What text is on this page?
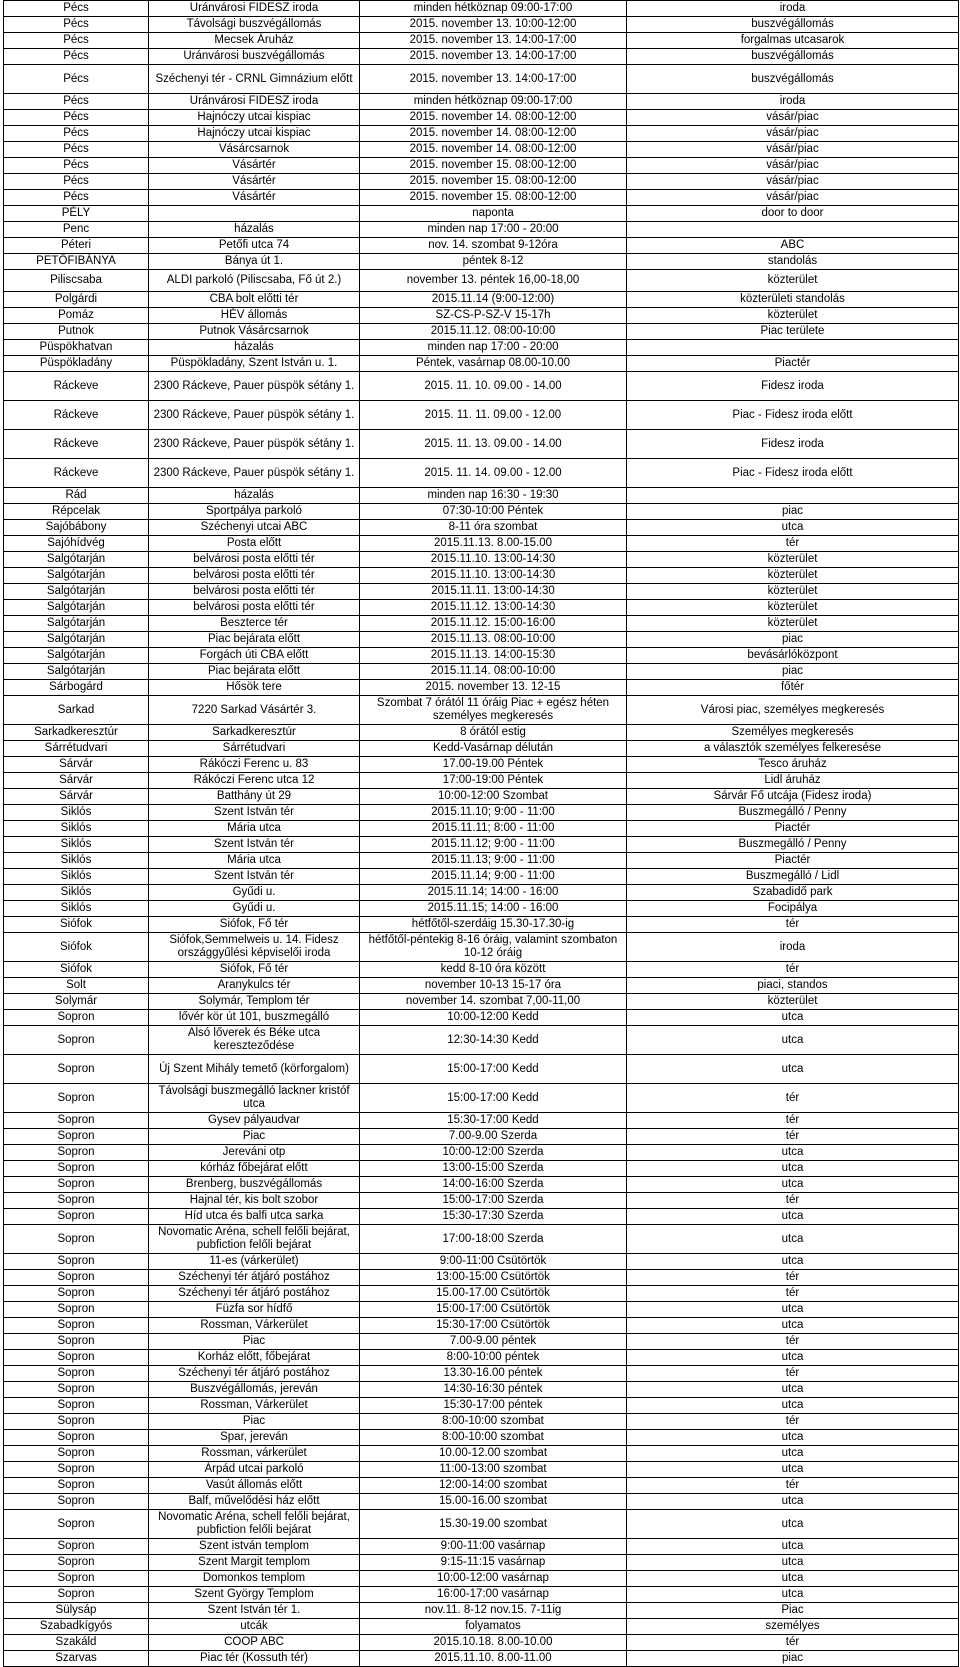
Pécs	Uránvárosi FIDESZ iroda	minden hétköznap 09:00-17:00	iroda
Pécs	Távolsági buszvégállomás	2015. november 13. 10:00-12:00	buszvégállomás
Pécs	Mecsek Áruház	2015. november 13. 14:00-17:00	forgalmas utcasarok
Pécs	Uránvárosi buszvégállomás	2015. november 13. 14:00-17:00	buszvégállomás
Pécs	Széchenyi tér - CRNL Gimnázium előtt	2015. november 13. 14:00-17:00	buszvégállomás
Pécs	Uránvárosi FIDESZ iroda	minden hétköznap 09:00-17:00	iroda
Pécs	Hajnóczy utcai kispiac	2015. november 14. 08:00-12:00	vásár/piac
Pécs	Hajnóczy utcai kispiac	2015. november 14. 08:00-12:00	vásár/piac
Pécs	Vásárcsarnok	2015. november 14. 08:00-12:00	vásár/piac
Pécs	Vásártér	2015. november 15. 08:00-12:00	vásár/piac
Pécs	Vásártér	2015. november 15. 08:00-12:00	vásár/piac
Pécs	Vásártér	2015. november 15. 08:00-12:00	vásár/piac
PÉLY		naponta	door to door
Penc	házalás	minden nap 17:00 - 20:00	
Péteri	Petőfi utca 74	nov. 14. szombat 9-12óra	ABC
PETŐFIBÁNYA	Bánya út 1.	péntek 8-12	standolás
Piliscsaba	ALDI parkoló (Piliscsaba, Fő út 2.)	november 13. péntek 16,00-18,00	közterület
Polgárdi	CBA bolt előtti tér	2015.11.14 (9:00-12:00)	közterületi standolás
Pomáz	HÉV állomás	SZ-CS-P-SZ-V 15-17h	közterület
Putnok	Putnok Vásárcsarnok	2015.11.12. 08:00-10:00	Piac területe
Püspökhatvan	házalás	minden nap 17:00 - 20:00	
Püspökladány	Püspökladány, Szent István u. 1.	Péntek, vasárnap 08.00-10.00	Piactér
Ráckeve	2300 Ráckeve, Pauer püspök sétány 1.	2015. 11. 10. 09.00 - 14.00	Fidesz iroda
Ráckeve	2300 Ráckeve, Pauer püspök sétány 1.	2015. 11. 11. 09.00 - 12.00	Piac - Fidesz iroda előtt
Ráckeve	2300 Ráckeve, Pauer püspök sétány 1.	2015. 11. 13. 09.00 - 14.00	Fidesz iroda
Ráckeve	2300 Ráckeve, Pauer püspök sétány 1.	2015. 11. 14. 09.00 - 12.00	Piac - Fidesz iroda előtt
Rád	házalás	minden nap 16:30 - 19:30	
Répcelak	Sportpálya parkoló	07:30-10:00 Péntek	piac
Sajóbábony	Széchenyi utcai ABC	8-11 óra szombat	utca
Sajóhídvég	Posta előtt	2015.11.13. 8.00-15.00	tér
Salgótarján	belvárosi posta előtti tér	2015.11.10. 13:00-14:30	közterület
Salgótarján	belvárosi posta előtti tér	2015.11.10. 13:00-14:30	közterület
Salgótarján	belvárosi posta előtti tér	2015.11.11. 13:00-14:30	közterület
Salgótarján	belvárosi posta előtti tér	2015.11.12. 13:00-14:30	közterület
Salgótarján	Beszterce tér	2015.11.12. 15:00-16:00	közterület
Salgótarján	Piac bejárata előtt	2015.11.13. 08:00-10:00	piac
Salgótarján	Forgách úti CBA előtt	2015.11.13. 14:00-15:30	bevásárlóközpont
Salgótarján	Piac bejárata előtt	2015.11.14. 08:00-10:00	piac
Sárbogárd	Hősök tere	2015. november 13. 12-15	főtér
Sarkad	7220 Sarkad Vásártér 3.	Szombat 7 órától 11 óráig Piac + egész héten személyes megkeresés	Városi piac, személyes megkeresés
Sarkadkeresztúr	Sarkadkeresztúr	8 órától estig	Személyes megkeresés
Sárrétudvari	Sárrétudvari	Kedd-Vasárnap délután	a választók személyes felkeresése
Sárvár	Rákóczi Ferenc u. 83	17.00-19.00 Péntek	Tesco áruház
Sárvár	Rákóczi Ferenc utca 12	17:00-19:00 Péntek	Lidl áruház
Sárvár	Batthány út 29	10:00-12:00 Szombat	Sárvár Fő utcája (Fidesz iroda)
Siklós	Szent István tér	2015.11.10; 9:00 - 11:00	Buszmegálló / Penny
Siklós	Mária utca	2015.11.11; 8:00 - 11:00	Piactér
Siklós	Szent István tér	2015.11.12; 9:00 - 11:00	Buszmegálló / Penny
Siklós	Mária utca	2015.11.13; 9:00 - 11:00	Piactér
Siklós	Szent István tér	2015.11.14; 9:00 - 11:00	Buszmegálló / Lidl
Siklós	Gyűdi u.	2015.11.14; 14:00 - 16:00	Szabadidő park
Siklós	Gyűdi u.	2015.11.15; 14:00 - 16:00	Focipálya
Siófok	Siófok, Fő tér	hétfőtől-szerdáig 15.30-17.30-ig	tér
Siófok	Siófok,Semmelweis u. 14. Fidesz országgyűlési képviselői iroda	hétfőtől-péntekig 8-16 óráig, valamint szombaton 10-12 óráig	iroda
Siófok	Siófok, Fő tér	kedd 8-10 óra között	tér
Solt	Aranykulcs tér	november 10-13 15-17 óra	piaci, standos
Solymár	Solymár, Templom tér	november 14. szombat 7,00-11,00	közterület
Sopron	lővér kör út 101, buszmegálló	10:00-12:00 Kedd	utca
Sopron	Alsó lőverek és Béke utca kereszteződése	12:30-14:30 Kedd	utca
Sopron	Új Szent Mihály temető (körforgalom)	15:00-17:00 Kedd	utca
Sopron	Távolsági buszmegálló lackner kristóf utca	15:00-17:00 Kedd	tér
Sopron	Gysev pályaudvar	15:30-17:00 Kedd	tér
Sopron	Piac	7.00-9.00 Szerda	tér
Sopron	Jereváni otp	10:00-12:00 Szerda	utca
Sopron	kórház főbejárat előtt	13:00-15:00 Szerda	utca
Sopron	Brenberg, buszvégállomás	14:00-16:00 Szerda	utca
Sopron	Hajnal tér, kis bolt szobor	15:00-17:00 Szerda	tér
Sopron	Híd utca és balfi utca sarka	15:30-17:30 Szerda	utca
Sopron	Novomatic Aréna, schell felőli bejárat, pubfiction felőli bejárat	17:00-18:00 Szerda	utca
Sopron	11-es (várkerület)	9:00-11:00 Csütörtök	utca
Sopron	Széchenyi tér átjáró postához	13:00-15:00 Csütörtök	tér
Sopron	Széchenyi tér átjáró postához	15.00-17.00 Csütörtök	tér
Sopron	Füzfa sor hídfő	15:00-17:00 Csütörtök	utca
Sopron	Rossman, Várkerület	15:30-17:00 Csütörtök	utca
Sopron	Piac	7.00-9.00 péntek	tér
Sopron	Korház előtt, főbejárat	8:00-10:00 péntek	utca
Sopron	Széchenyi tér átjáró postához	13.30-16.00 péntek	tér
Sopron	Buszvégállomás, jereván	14:30-16:30 péntek	utca
Sopron	Rossman, Várkerület	15:30-17:00 péntek	utca
Sopron	Piac	8:00-10:00 szombat	tér
Sopron	Spar, jereván	8:00-10:00 szombat	utca
Sopron	Rossman, várkerület	10.00-12.00 szombat	utca
Sopron	Árpád utcai parkoló	11:00-13:00 szombat	utca
Sopron	Vasút állomás előtt	12:00-14:00 szombat	tér
Sopron	Balf, művelődési ház előtt	15.00-16.00 szombat	utca
Sopron	Novomatic Aréna, schell felőli bejárat, pubfiction felőli bejárat	15.30-19.00 szombat	utca
Sopron	Szent istván templom	9:00-11:00 vasárnap	utca
Sopron	Szent Margit templom	9:15-11:15 vasárnap	utca
Sopron	Domonkos templom	10:00-12:00 vasárnap	utca
Sopron	Szent György Templom	16:00-17:00 vasárnap	utca
Sülysáp	Szent István tér 1.	nov.11. 8-12 nov.15. 7-11ig	Piac
Szabadkígyós	utcák	folyamatos	személyes
Szakáld	COOP ABC	2015.10.18. 8.00-10.00	tér
Szarvas	Piac tér (Kossuth tér)	2015.11.10. 8.00-11.00	piac
